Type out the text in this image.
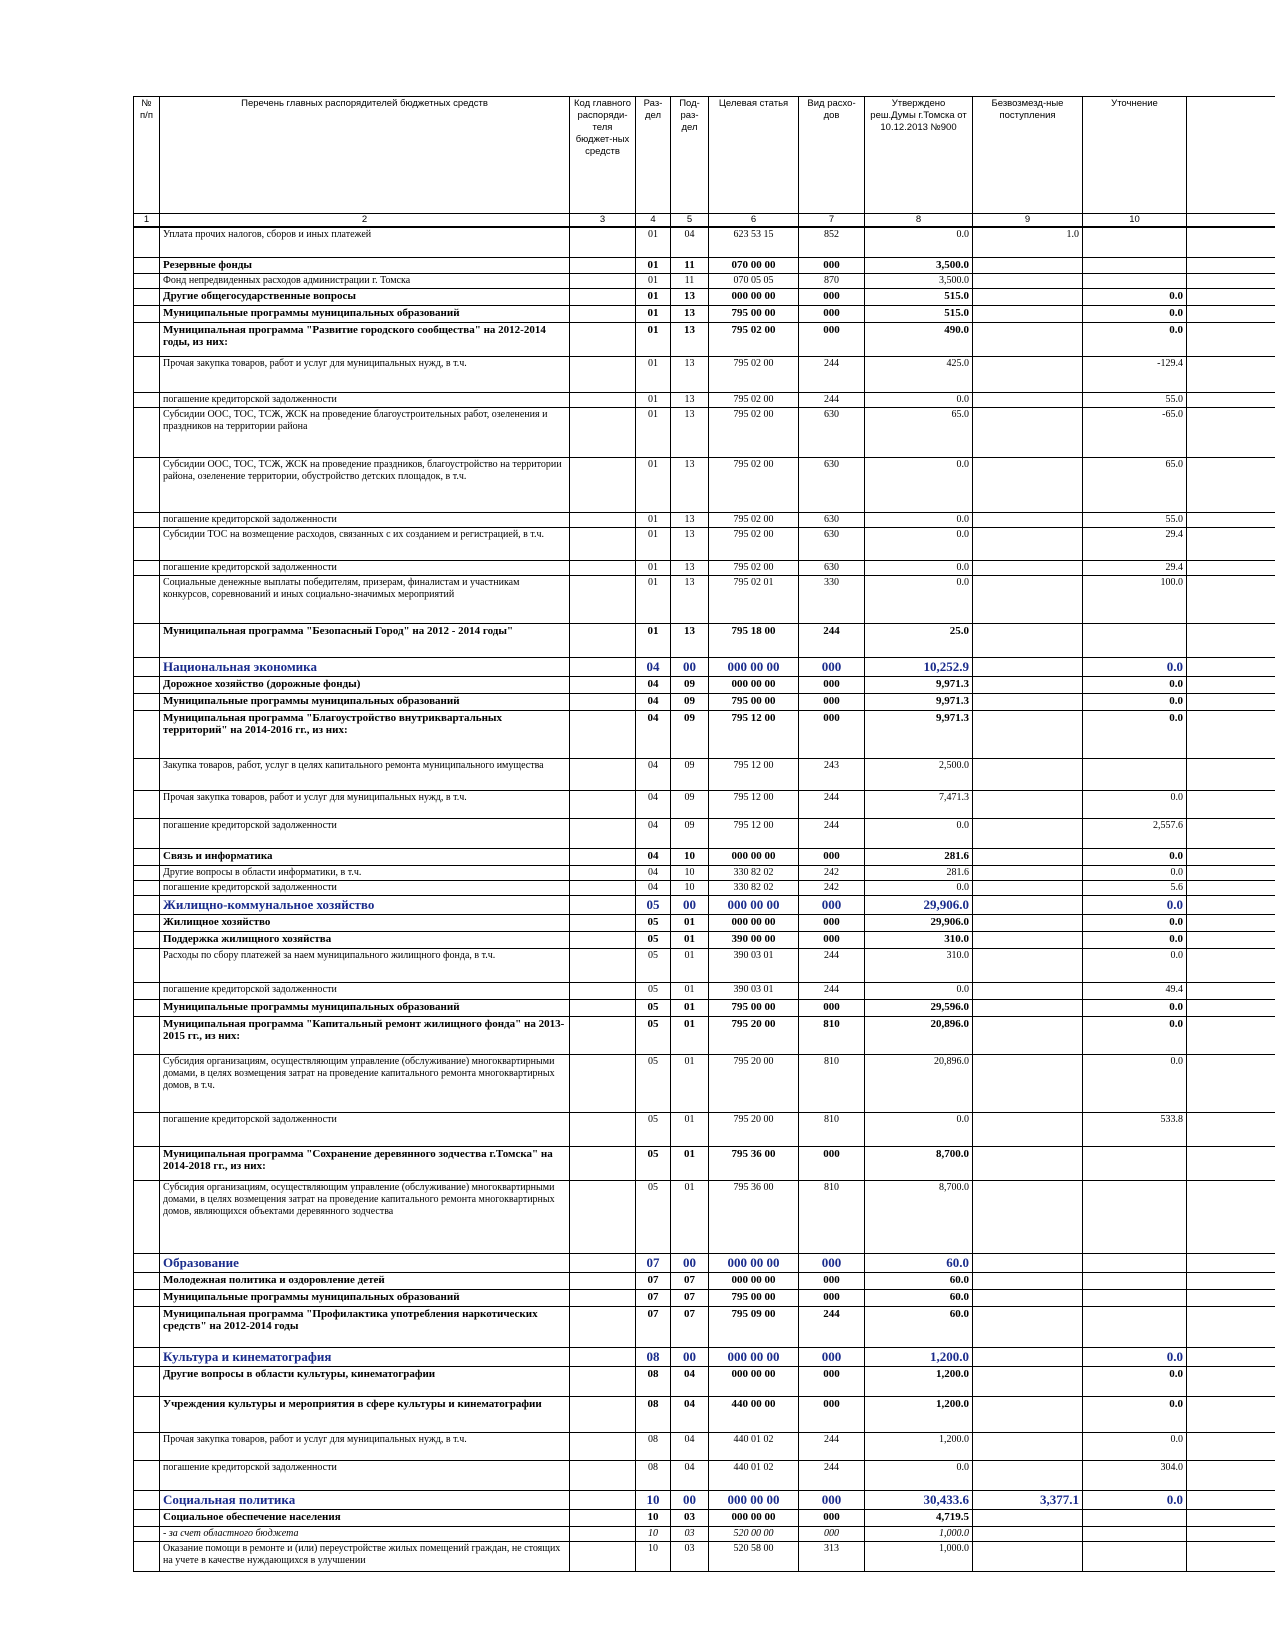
№ п/п	Перечень главных распорядителей бюджетных средств	Код главного распоряди-теля бюджет-ных средств	Раз-дел	Под-раз-дел	Целевая статья	Вид расхо-дов	Утверждено реш.Думы г.Томска от 10.12.2013 №900	Безвозмезд-ные поступления	Уточнение	
1	2	3	4	5	6	7	8	9	10	
	Уплата прочих налогов, сборов и иных платежей		01	04	623 53 15	852	0.0	1.0		
	Резервные фонды		01	11	070 00 00	000	3,500.0			
	Фонд непредвиденных расходов администрации г. Томска		01	11	070 05 05	870	3,500.0			
	Другие общегосударственные вопросы		01	13	000 00 00	000	515.0		0.0	
	Муниципальные программы муниципальных образований		01	13	795 00 00	000	515.0		0.0	
	Муниципальная программа "Развитие городского сообщества" на 2012-2014 годы, из них:		01	13	795 02 00	000	490.0		0.0	
	Прочая закупка товаров, работ и услуг для муниципальных нужд, в т.ч.		01	13	795 02 00	244	425.0		-129.4	
	погашение кредиторской задолженности		01	13	795 02 00	244	0.0		55.0	
	Субсидии ООС, ТОС, ТСЖ, ЖСК на проведение благоустроительных работ, озеленения и праздников на территории района		01	13	795 02 00	630	65.0		-65.0	
	Субсидии ООС, ТОС, ТСЖ, ЖСК на проведение праздников, благоустройство на территории района, озеленение территории, обустройство детских площадок, в т.ч.		01	13	795 02 00	630	0.0		65.0	
	погашение кредиторской задолженности		01	13	795 02 00	630	0.0		55.0	
	Субсидии ТОС на возмещение расходов, связанных с их созданием и регистрацией, в т.ч.		01	13	795 02 00	630	0.0		29.4	
	погашение кредиторской задолженности		01	13	795 02 00	630	0.0		29.4	
	Социальные денежные выплаты победителям, призерам, финалистам и участникам конкурсов, соревнований и иных социально-значимых мероприятий		01	13	795 02 01	330	0.0		100.0	
	Муниципальная программа "Безопасный Город" на 2012 - 2014 годы"		01	13	795 18 00	244	25.0			
	Национальная экономика		04	00	000 00 00	000	10,252.9		0.0	
	Дорожное хозяйство (дорожные фонды)		04	09	000 00 00	000	9,971.3		0.0	
	Муниципальные программы муниципальных образований		04	09	795 00 00	000	9,971.3		0.0	
	Муниципальная программа "Благоустройство внутриквартальных территорий" на 2014-2016 гг., из них:		04	09	795 12 00	000	9,971.3		0.0	
	Закупка товаров, работ, услуг в целях капитального ремонта муниципального имущества		04	09	795 12 00	243	2,500.0			
	Прочая закупка товаров, работ и услуг для муниципальных нужд, в т.ч.		04	09	795 12 00	244	7,471.3		0.0	
	погашение кредиторской задолженности		04	09	795 12 00	244	0.0		2,557.6	
	Связь и информатика		04	10	000 00 00	000	281.6		0.0	
	Другие вопросы в области информатики, в т.ч.		04	10	330 82 02	242	281.6		0.0	
	погашение кредиторской задолженности		04	10	330 82 02	242	0.0		5.6	
	Жилищно-коммунальное хозяйство		05	00	000 00 00	000	29,906.0		0.0	
	Жилищное хозяйство		05	01	000 00 00	000	29,906.0		0.0	
	Поддержка жилищного хозяйства		05	01	390 00 00	000	310.0		0.0	
	Расходы по сбору платежей за наем муниципального жилищного фонда, в т.ч.		05	01	390 03 01	244	310.0		0.0	
	погашение кредиторской задолженности		05	01	390 03 01	244	0.0		49.4	
	Муниципальные программы муниципальных образований		05	01	795 00 00	000	29,596.0		0.0	
	Муниципальная программа "Капитальный ремонт жилищного фонда" на 2013-2015 гг., из них:		05	01	795 20 00	810	20,896.0		0.0	
	Субсидия организациям, осуществляющим управление (обслуживание) многоквартирными домами, в целях возмещения затрат на проведение капитального ремонта многоквартирных домов, в т.ч.		05	01	795 20 00	810	20,896.0		0.0	
	погашение кредиторской задолженности		05	01	795 20 00	810	0.0		533.8	
	Муниципальная программа "Сохранение деревянного зодчества г.Томска" на 2014-2018 гг., из них:		05	01	795 36 00	000	8,700.0			
	Субсидия организациям, осуществляющим управление (обслуживание) многоквартирными домами, в целях возмещения затрат на проведение капитального ремонта многоквартирных домов, являющихся объектами деревянного зодчества		05	01	795 36 00	810	8,700.0			
	Образование		07	00	000 00 00	000	60.0			
	Молодежная политика и оздоровление детей		07	07	000 00 00	000	60.0			
	Муниципальные программы муниципальных образований		07	07	795 00 00	000	60.0			
	Муниципальная программа "Профилактика употребления наркотических средств" на 2012-2014 годы		07	07	795 09 00	244	60.0			
	Культура и кинематография		08	00	000 00 00	000	1,200.0		0.0	
	Другие вопросы в области культуры, кинематографии		08	04	000 00 00	000	1,200.0		0.0	
	Учреждения культуры и мероприятия в сфере культуры и кинематографии		08	04	440 00 00	000	1,200.0		0.0	
	Прочая закупка товаров, работ и услуг для муниципальных нужд, в т.ч.		08	04	440 01 02	244	1,200.0		0.0	
	погашение кредиторской задолженности		08	04	440 01 02	244	0.0		304.0	
	Социальная политика		10	00	000 00 00	000	30,433.6	3,377.1	0.0	
	Социальное обеспечение населения		10	03	000 00 00	000	4,719.5			
	- за счет областного бюджета		10	03	520 00 00	000	1,000.0			
	Оказание помощи в ремонте и (или) переустройстве жилых помещений граждан, не стоящих на учете в качестве нуждающихся в улучшении		10	03	520 58 00	313	1,000.0			
